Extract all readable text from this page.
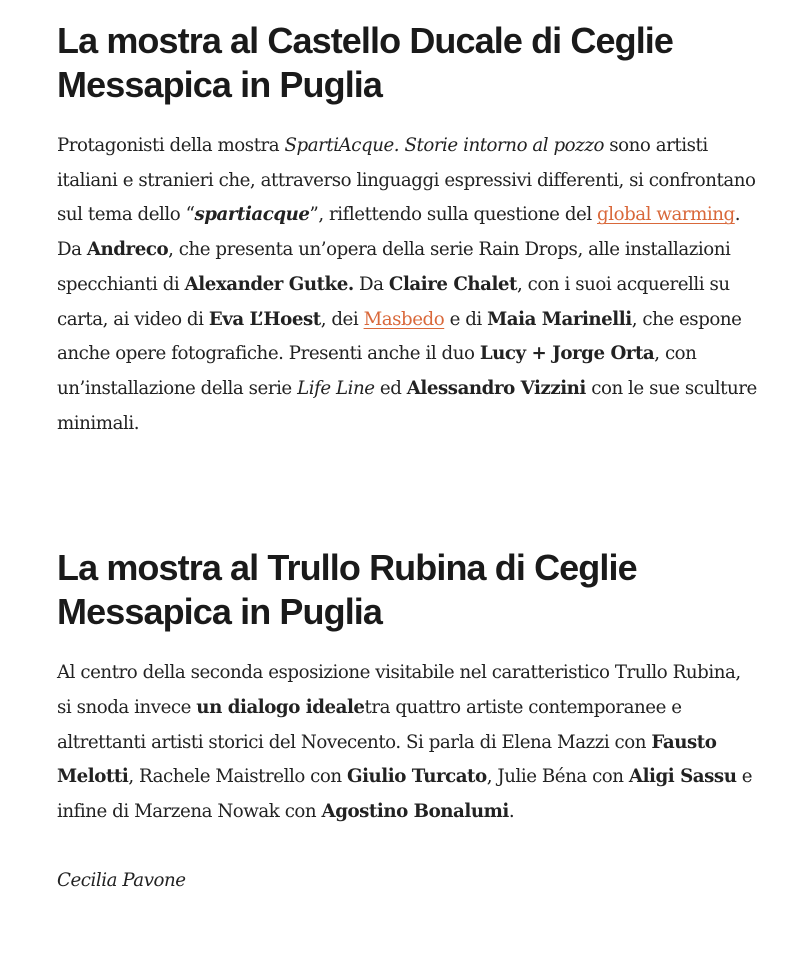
La mostra al Castello Ducale di Ceglie Messapica in Puglia

Protagonisti della mostra SpartiAcque. Storie intorno al pozzo sono artisti italiani e stranieri che, attraverso linguaggi espressivi differenti, si confrontano sul tema dello “spartiacque”, riflettendo sulla questione del global warming.
Da Andreco, che presenta un’opera della serie Rain Drops, alle installazioni specchianti di Alexander Gutke. Da Claire Chalet, con i suoi acquerelli su carta, ai video di Eva L’Hoest, dei Masbedo e di Maia Marinelli, che espone anche opere fotografiche. Presenti anche il duo Lucy + Jorge Orta, con un’installazione della serie Life Line ed Alessandro Vizzini con le sue sculture minimali.

La mostra al Trullo Rubina di Ceglie Messapica in Puglia

Al centro della seconda esposizione visitabile nel caratteristico Trullo Rubina, si snoda invece un dialogo idealetra quattro artiste contemporanee e altrettanti artisti storici del Novecento. Si parla di Elena Mazzi con Fausto Melotti, Rachele Maistrello con Giulio Turcato, Julie Béna con Aligi Sassu e infine di Marzena Nowak con Agostino Bonalumi.

Cecilia Pavone
